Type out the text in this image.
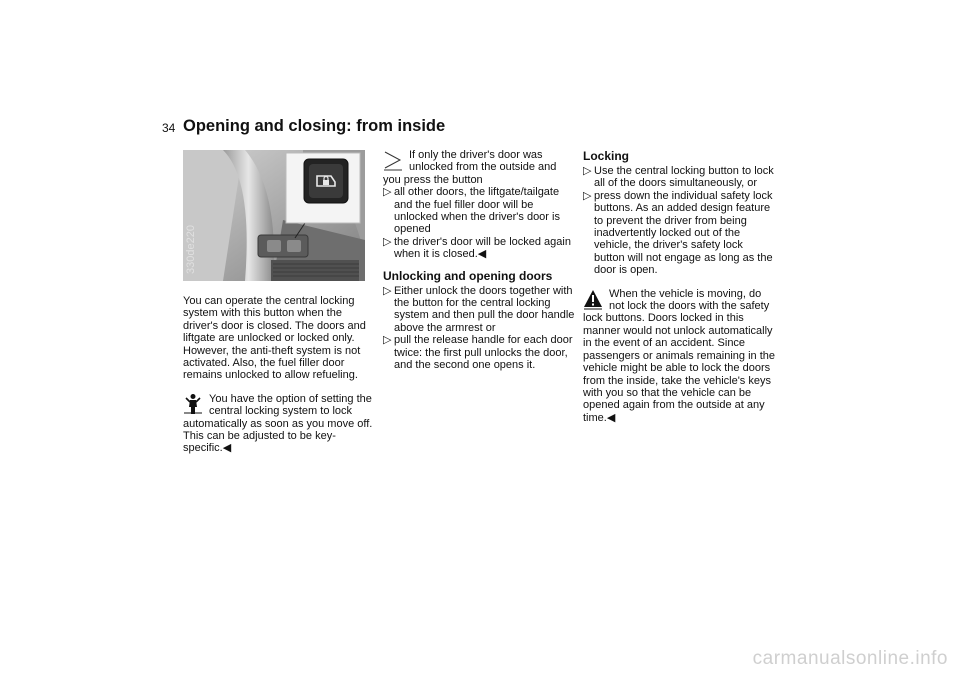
34 Opening and closing: from inside
330de220

You can operate the central locking system with this button when the driver's door is closed. The doors and liftgate are unlocked or locked only. However, the anti-theft system is not activated. Also, the fuel filler door remains unlocked to allow refueling.

You have the option of setting the central locking system to lock

automatically as soon as you move off. This can be adjusted to be key-specific.◀

If only the driver's door was unlocked from the outside and

you press the button

▷ all other doors, the liftgate/tailgate and the fuel filler door will be unlocked when the driver's door is opened
▷ the driver's door will be locked again when it is closed.◀
Unlocking and opening doors
▷ Either unlock the doors together with the button for the central locking system and then pull the door handle above the armrest or
▷ pull the release handle for each door twice: the first pull unlocks the door, and the second one opens it.
Locking
▷ Use the central locking button to lock all of the doors simultaneously, or
▷ press down the individual safety lock buttons. As an added design feature to prevent the driver from being inadvertently locked out of the vehicle, the driver's safety lock button will not engage as long as the door is open.

When the vehicle is moving, do not lock the doors with the safety

lock buttons. Doors locked in this manner would not unlock automatically in the event of an accident. Since passengers or animals remaining in the vehicle might be able to lock the doors from the inside, take the vehicle's keys with you so that the vehicle can be opened again from the outside at any time.◀

carmanualsonline.info
